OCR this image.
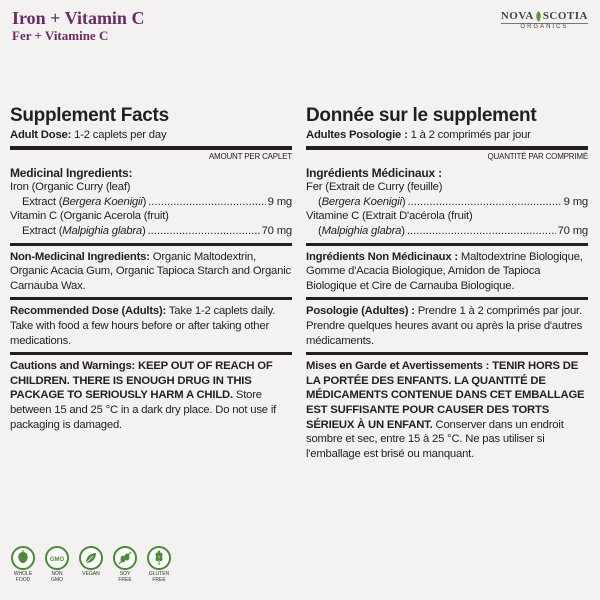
Iron + Vitamin C
Fer + Vitamine C
NOVA SCOTIA
ORGANICS
Supplement Facts
Adult Dose: 1-2 caplets per day
AMOUNT PER CAPLET
Medicinal Ingredients:
Iron (Organic Curry (leaf)
Extract (Bergera Koenigii) .....	9 mg
Vitamin C (Organic Acerola (fruit)
Extract (Malpighia glabra) .....	70 mg
Non-Medicinal Ingredients: Organic Maltodextrin, Organic Acacia Gum, Organic Tapioca Starch and Organic Carnauba Wax.
Recommended Dose (Adults): Take 1-2 caplets daily. Take with food a few hours before or after taking other medications.
Cautions and Warnings: KEEP OUT OF REACH OF CHILDREN. THERE IS ENOUGH DRUG IN THIS PACKAGE TO SERIOUSLY HARM A CHILD. Store between 15 and 25 °C in a dark dry place. Do not use if packaging is damaged.
Donnée sur le supplement
Adultes Posologie : 1 à 2 comprimés par jour
QUANTITÉ PAR COMPRIMÉ
Ingrédients Médicinaux :
Fer (Extrait de Curry (feuille)
(Bergera Koenigii) .....	9 mg
Vitamine C (Extrait D'acérola (fruit)
(Malpighia glabra) .....	70 mg
Ingrédients Non Médicinaux : Maltodextrine Biologique, Gomme d'Acacia Biologique, Amidon de Tapioca Biologique et Cire de Carnauba Biologique.
Posologie (Adultes) : Prendre 1 à 2 comprimés par jour. Prendre quelques heures avant ou après la prise d'autres médicaments.
Mises en Garde et Avertissements : TENIR HORS DE LA PORTÉE DES ENFANTS. LA QUANTITÉ DE MÉDICAMENTS CONTENUE DANS CET EMBALLAGE EST SUFFISANTE POUR CAUSER DES TORTS SÉRIEUX À UN ENFANT. Conserver dans un endroit sombre et sec, entre 15 à 25 °C. Ne pas utiliser si l'emballage est brisé ou manquant.
WHOLE
FOOD
GMO
NON
GMO
VEGAN	SOY
FREE
GLUTEN
FREE
